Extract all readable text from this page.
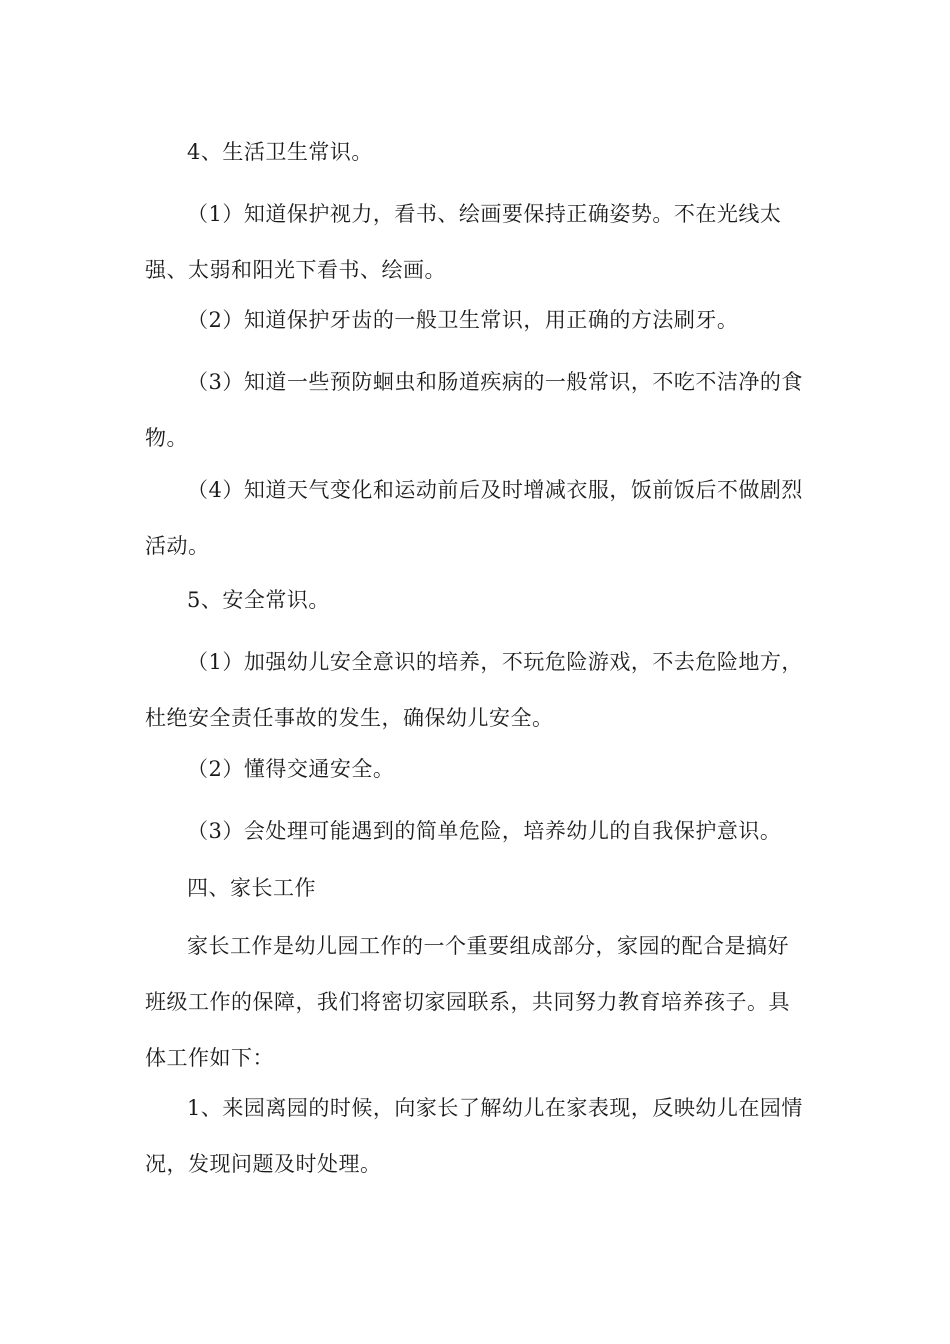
4、生活卫生常识。

（1）知道保护视力，看书、绘画要保持正确姿势。不在光线太强、太弱和阳光下看书、绘画。

（2）知道保护牙齿的一般卫生常识，用正确的方法刷牙。

（3）知道一些预防蛔虫和肠道疾病的一般常识，不吃不洁净的食物。

（4）知道天气变化和运动前后及时增减衣服，饭前饭后不做剧烈活动。

5、安全常识。

（1）加强幼儿安全意识的培养，不玩危险游戏，不去危险地方，杜绝安全责任事故的发生，确保幼儿安全。

（2）懂得交通安全。

（3）会处理可能遇到的简单危险，培养幼儿的自我保护意识。

四、家长工作

家长工作是幼儿园工作的一个重要组成部分，家园的配合是搞好班级工作的保障，我们将密切家园联系，共同努力教育培养孩子。具体工作如下：

1、来园离园的时候，向家长了解幼儿在家表现，反映幼儿在园情况，发现问题及时处理。
